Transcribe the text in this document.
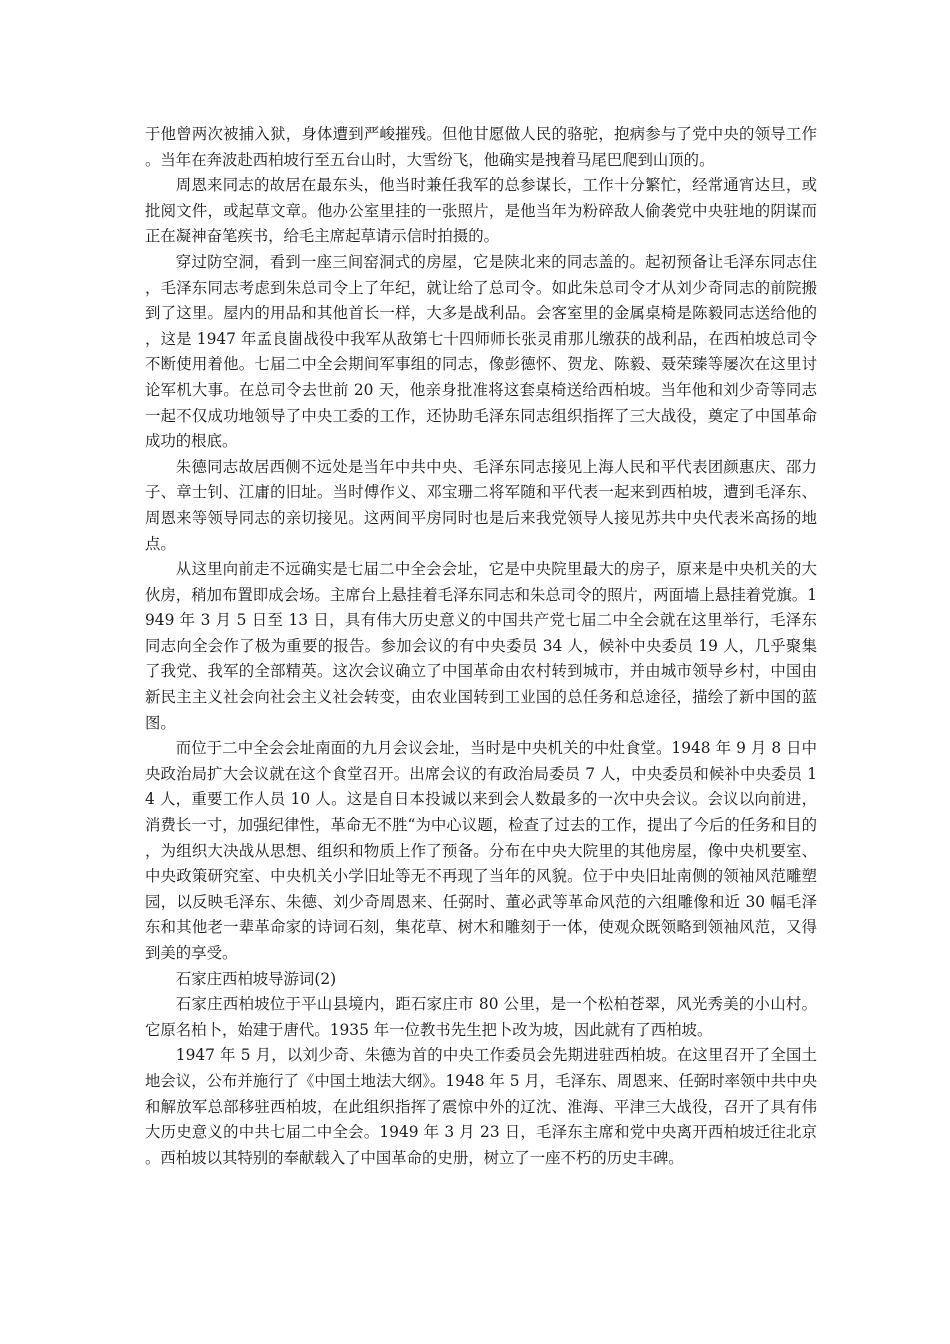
于他曾两次被捕入狱，身体遭到严峻摧残。但他甘愿做人民的骆驼，抱病参与了党中央的领导工作。当年在奔波赴西柏坡行至五台山时，大雪纷飞，他确实是拽着马尾巴爬到山顶的。

周恩来同志的故居在最东头，他当时兼任我军的总参谋长，工作十分繁忙，经常通宵达旦，或批阅文件，或起草文章。他办公室里挂的一张照片，是他当年为粉碎敌人偷袭党中央驻地的阴谋而正在凝神奋笔疾书，给毛主席起草请示信时拍摄的。

穿过防空洞，看到一座三间窑洞式的房屋，它是陕北来的同志盖的。起初预备让毛泽东同志住，毛泽东同志考虑到朱总司令上了年纪，就让给了总司令。如此朱总司令才从刘少奇同志的前院搬到了这里。屋内的用品和其他首长一样，大多是战利品。会客室里的金属桌椅是陈毅同志送给他的，这是 1947 年孟良崮战役中我军从敌第七十四师师长张灵甫那儿缴获的战利品，在西柏坡总司令不断使用着他。七届二中全会期间军事组的同志，像彭德怀、贺龙、陈毅、聂荣臻等屡次在这里讨论军机大事。在总司令去世前 20 天，他亲身批准将这套桌椅送给西柏坡。当年他和刘少奇等同志一起不仅成功地领导了中央工委的工作，还协助毛泽东同志组织指挥了三大战役，奠定了中国革命成功的根底。

朱德同志故居西侧不远处是当年中共中央、毛泽东同志接见上海人民和平代表团颜惠庆、邵力子、章士钊、江庸的旧址。当时傅作义、邓宝珊二将军随和平代表一起来到西柏坡，遭到毛泽东、周恩来等领导同志的亲切接见。这两间平房同时也是后来我党领导人接见苏共中央代表米高扬的地点。

从这里向前走不远确实是七届二中全会会址，它是中央院里最大的房子，原来是中央机关的大伙房，稍加布置即成会场。主席台上悬挂着毛泽东同志和朱总司令的照片，两面墙上悬挂着党旗。1949 年 3 月 5 日至 13 日，具有伟大历史意义的中国共产党七届二中全会就在这里举行，毛泽东同志向全会作了极为重要的报告。参加会议的有中央委员 34 人，候补中央委员 19 人，几乎聚集了我党、我军的全部精英。这次会议确立了中国革命由农村转到城市，并由城市领导乡村，中国由新民主主义社会向社会主义社会转变，由农业国转到工业国的总任务和总途径，描绘了新中国的蓝图。

而位于二中全会会址南面的九月会议会址，当时是中央机关的中灶食堂。1948 年 9 月 8 日中央政治局扩大会议就在这个食堂召开。出席会议的有政治局委员 7 人，中央委员和候补中央委员 14 人，重要工作人员 10 人。这是自日本投诚以来到会人数最多的一次中央会议。会议以向前进，消费长一寸，加强纪律性，革命无不胜“为中心议题，检查了过去的工作，提出了今后的任务和目的，为组织大决战从思想、组织和物质上作了预备。分布在中央大院里的其他房屋，像中央机要室、中央政策研究室、中央机关小学旧址等无不再现了当年的风貌。位于中央旧址南侧的领袖风范雕塑园，以反映毛泽东、朱德、刘少奇周恩来、任弼时、董必武等革命风范的六组雕像和近 30 幅毛泽东和其他老一辈革命家的诗词石刻，集花草、树木和雕刻于一体，使观众既领略到领袖风范，又得到美的享受。

石家庄西柏坡导游词(2)

石家庄西柏坡位于平山县境内，距石家庄市 80 公里，是一个松柏苍翠，风光秀美的小山村。它原名柏卜，始建于唐代。1935 年一位教书先生把卜改为坡，因此就有了西柏坡。

1947 年 5 月，以刘少奇、朱德为首的中央工作委员会先期进驻西柏坡。在这里召开了全国土地会议，公布并施行了《中国土地法大纲》。1948 年 5 月，毛泽东、周恩来、任弼时率领中共中央和解放军总部移驻西柏坡，在此组织指挥了震惊中外的辽沈、淮海、平津三大战役，召开了具有伟大历史意义的中共七届二中全会。1949 年 3 月 23 日，毛泽东主席和党中央离开西柏坡迁往北京。西柏坡以其特别的奉献载入了中国革命的史册，树立了一座不朽的历史丰碑。
